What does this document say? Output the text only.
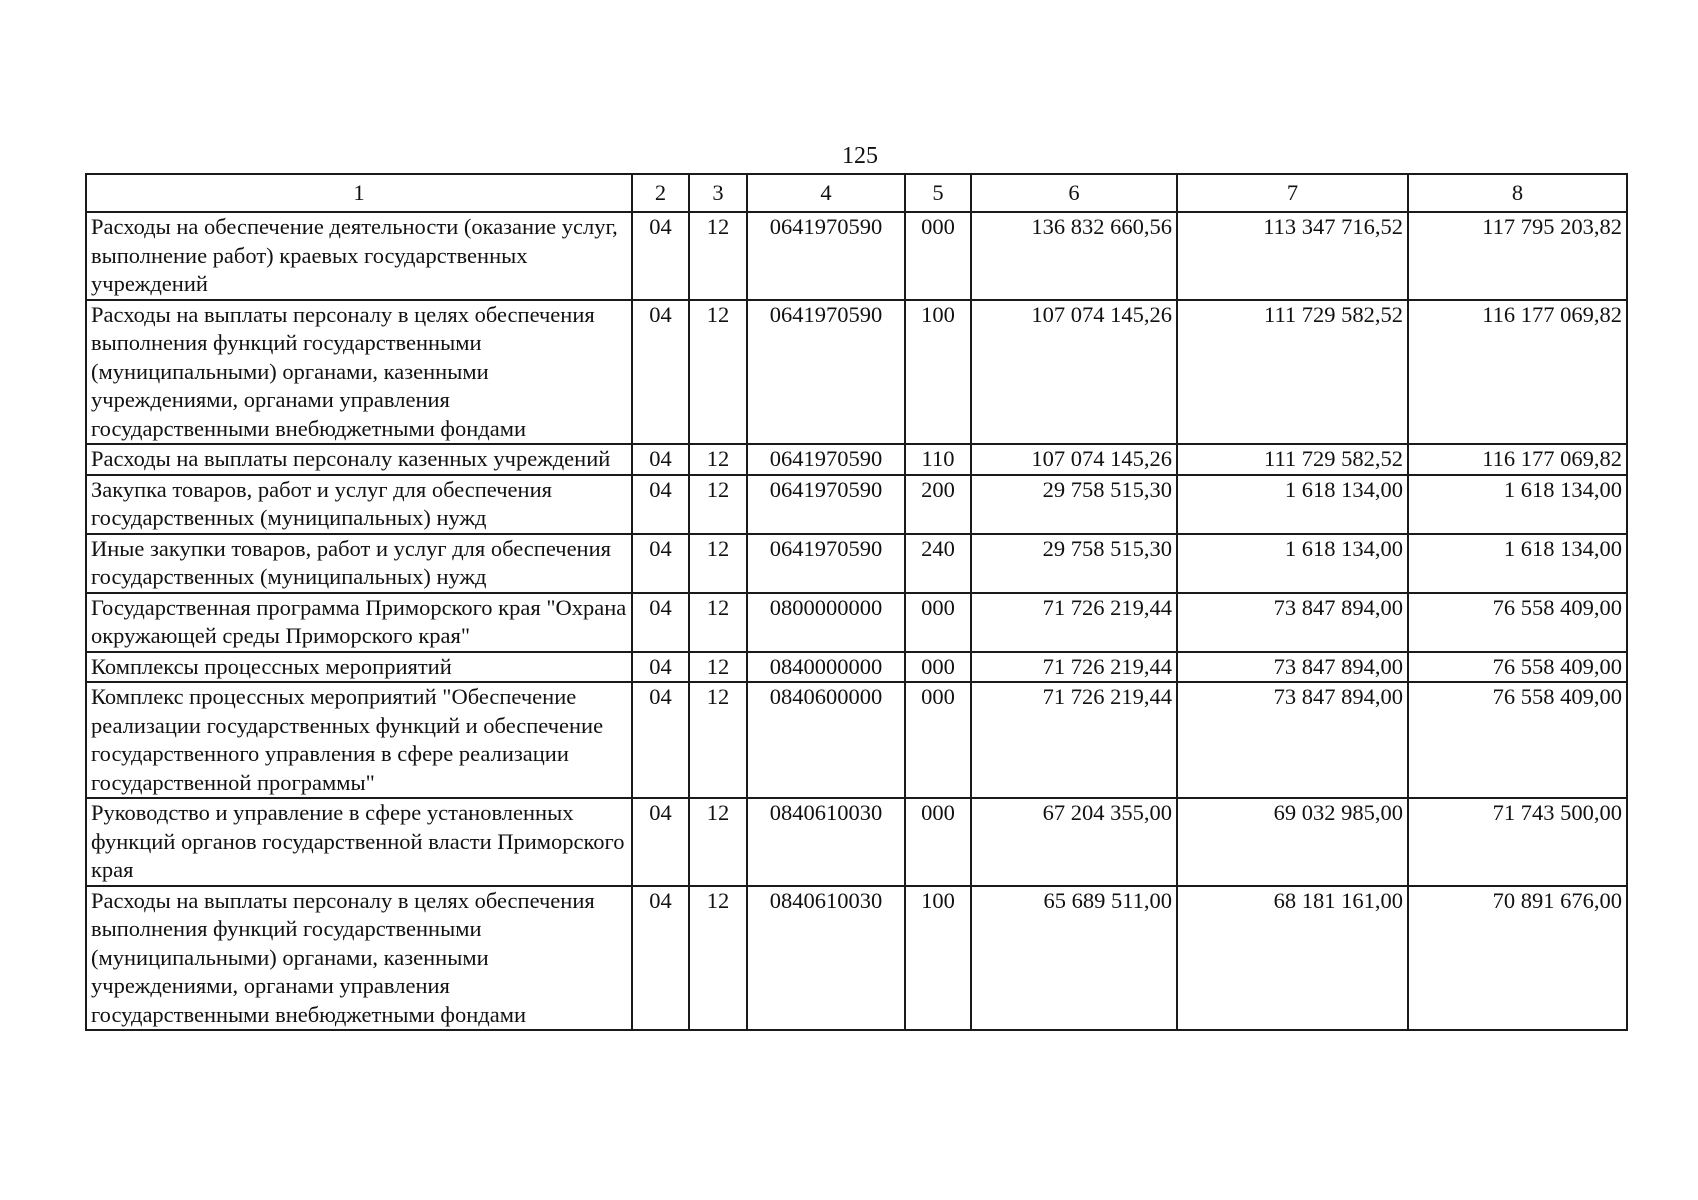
125
1	2	3	4	5	6	7	8
Расходы на обеспечение деятельности (оказание услуг, выполнение работ) краевых государственных учреждений	04	12	0641970590	000	136 832 660,56	113 347 716,52	117 795 203,82
Расходы на выплаты персоналу в целях обеспечения выполнения функций государственными (муниципальными) органами, казенными учреждениями, органами управления государственными внебюджетными фондами	04	12	0641970590	100	107 074 145,26	111 729 582,52	116 177 069,82
Расходы на выплаты персоналу казенных учреждений	04	12	0641970590	110	107 074 145,26	111 729 582,52	116 177 069,82
Закупка товаров, работ и услуг для обеспечения государственных (муниципальных) нужд	04	12	0641970590	200	29 758 515,30	1 618 134,00	1 618 134,00
Иные закупки товаров, работ и услуг для обеспечения государственных (муниципальных) нужд	04	12	0641970590	240	29 758 515,30	1 618 134,00	1 618 134,00
Государственная программа Приморского края "Охрана окружающей среды Приморского края"	04	12	0800000000	000	71 726 219,44	73 847 894,00	76 558 409,00
Комплексы процессных мероприятий	04	12	0840000000	000	71 726 219,44	73 847 894,00	76 558 409,00
Комплекс процессных мероприятий "Обеспечение реализации государственных функций и обеспечение государственного управления в сфере реализации государственной программы"	04	12	0840600000	000	71 726 219,44	73 847 894,00	76 558 409,00
Руководство и управление в сфере установленных функций органов государственной власти Приморского края	04	12	0840610030	000	67 204 355,00	69 032 985,00	71 743 500,00
Расходы на выплаты персоналу в целях обеспечения выполнения функций государственными (муниципальными) органами, казенными учреждениями, органами управления государственными внебюджетными фондами	04	12	0840610030	100	65 689 511,00	68 181 161,00	70 891 676,00
